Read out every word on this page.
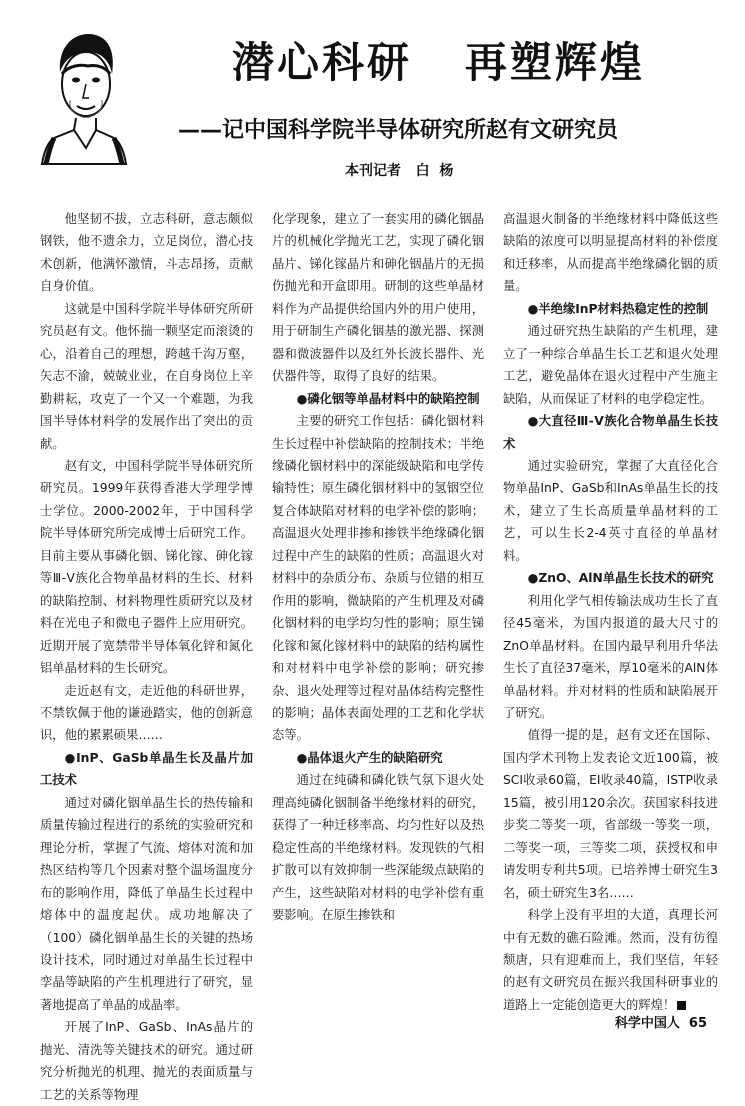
潜心科研   再塑辉煌
——记中国科学院半导体研究所赵有文研究员
本刊记者   白  杨

他坚韧不拔，立志科研，意志颇似钢铁，他不遗余力，立足岗位，潜心技术创新，他满怀激情，斗志昂扬，贡献自身价值。

这就是中国科学院半导体研究所研究员赵有文。他怀揣一颗坚定而滚烫的心，沿着自己的理想，跨越千沟万壑，矢志不渝，兢兢业业，在自身岗位上辛勤耕耘，攻克了一个又一个难题，为我国半导体材料学的发展作出了突出的贡献。

赵有文，中国科学院半导体研究所研究员。1999年获得香港大学理学博士学位。2000-2002年，于中国科学院半导体研究所完成博士后研究工作。目前主要从事磷化铟、锑化镓、砷化镓等Ⅲ-Ⅴ族化合物单晶材料的生长、材料的缺陷控制、材料物理性质研究以及材料在光电子和微电子器件上应用研究。近期开展了宽禁带半导体氧化锌和氮化铝单晶材料的生长研究。

走近赵有文，走近他的科研世界，不禁钦佩于他的谦逊踏实，他的创新意识，他的累累硕果……

●InP、GaSb单晶生长及晶片加工技术

通过对磷化铟单晶生长的热传输和质量传输过程进行的系统的实验研究和理论分析，掌握了气流、熔体对流和加热区结构等几个因素对整个温场温度分布的影响作用，降低了单晶生长过程中熔体中的温度起伏。成功地解决了（100）磷化铟单晶生长的关键的热场设计技术，同时通过对单晶生长过程中孪晶等缺陷的产生机理进行了研究，显著地提高了单晶的成晶率。

开展了InP、GaSb、InAs晶片的抛光、清洗等关键技术的研究。通过研究分析抛光的机理、抛光的表面质量与工艺的关系等物理

化学现象，建立了一套实用的磷化铟晶片的机械化学抛光工艺，实现了磷化铟晶片、锑化镓晶片和砷化铟晶片的无损伤抛光和开盒即用。研制的这些单晶材料作为产品提供给国内外的用户使用，用于研制生产磷化铟基的激光器、探测器和微波器件以及红外长波长器件、光伏器件等，取得了良好的结果。

●磷化铟等单晶材料中的缺陷控制

主要的研究工作包括：磷化铟材料生长过程中补偿缺陷的控制技术；半绝缘磷化铟材料中的深能级缺陷和电学传输特性；原生磷化铟材料中的氢铟空位复合体缺陷对材料的电学补偿的影响；高温退火处理非掺和掺铁半绝缘磷化铟过程中产生的缺陷的性质；高温退火对材料中的杂质分布、杂质与位错的相互作用的影响，微缺陷的产生机理及对磷化铟材料的电学均匀性的影响；原生锑化镓和氮化镓材料中的缺陷的结构属性和对材料中电学补偿的影响；研究掺杂、退火处理等过程对晶体结构完整性的影响；晶体表面处理的工艺和化学状态等。

●晶体退火产生的缺陷研究

通过在纯磷和磷化铁气氛下退火处理高纯磷化铟制备半绝缘材料的研究，获得了一种迁移率高、均匀性好以及热稳定性高的半绝缘材料。发现铁的气相扩散可以有效抑制一些深能级点缺陷的产生，这些缺陷对材料的电学补偿有重要影响。在原生掺铁和

高温退火制备的半绝缘材料中降低这些缺陷的浓度可以明显提高材料的补偿度和迁移率，从而提高半绝缘磷化铟的质量。

●半绝缘InP材料热稳定性的控制

通过研究热生缺陷的产生机理，建立了一种综合单晶生长工艺和退火处理工艺，避免晶体在退火过程中产生施主缺陷，从而保证了材料的电学稳定性。

●大直径Ⅲ-Ⅴ族化合物单晶生长技术

通过实验研究，掌握了大直径化合物单晶InP、GaSb和InAs单晶生长的技术，建立了生长高质量单晶材料的工艺，可以生长2-4英寸直径的单晶材料。

●ZnO、AlN单晶生长技术的研究

利用化学气相传输法成功生长了直径45毫米，为国内报道的最大尺寸的ZnO单晶材料。在国内最早利用升华法生长了直径37毫米，厚10毫米的AlN体单晶材料。并对材料的性质和缺陷展开了研究。

值得一提的是，赵有文还在国际、国内学术刊物上发表论文近100篇，被SCI收录60篇，EI收录40篇，ISTP收录15篇，被引用120余次。获国家科技进步奖二等奖一项，省部级一等奖一项，二等奖一项，三等奖二项，获授权和申请发明专利共5项。已培养博士研究生3名，硕士研究生3名……

科学上没有平坦的大道，真理长河中有无数的礁石险滩。然而，没有彷徨颓唐，只有迎难而上，我们坚信，年轻的赵有文研究员在振兴我国科研事业的道路上一定能创造更大的辉煌！

科学中国人  65
